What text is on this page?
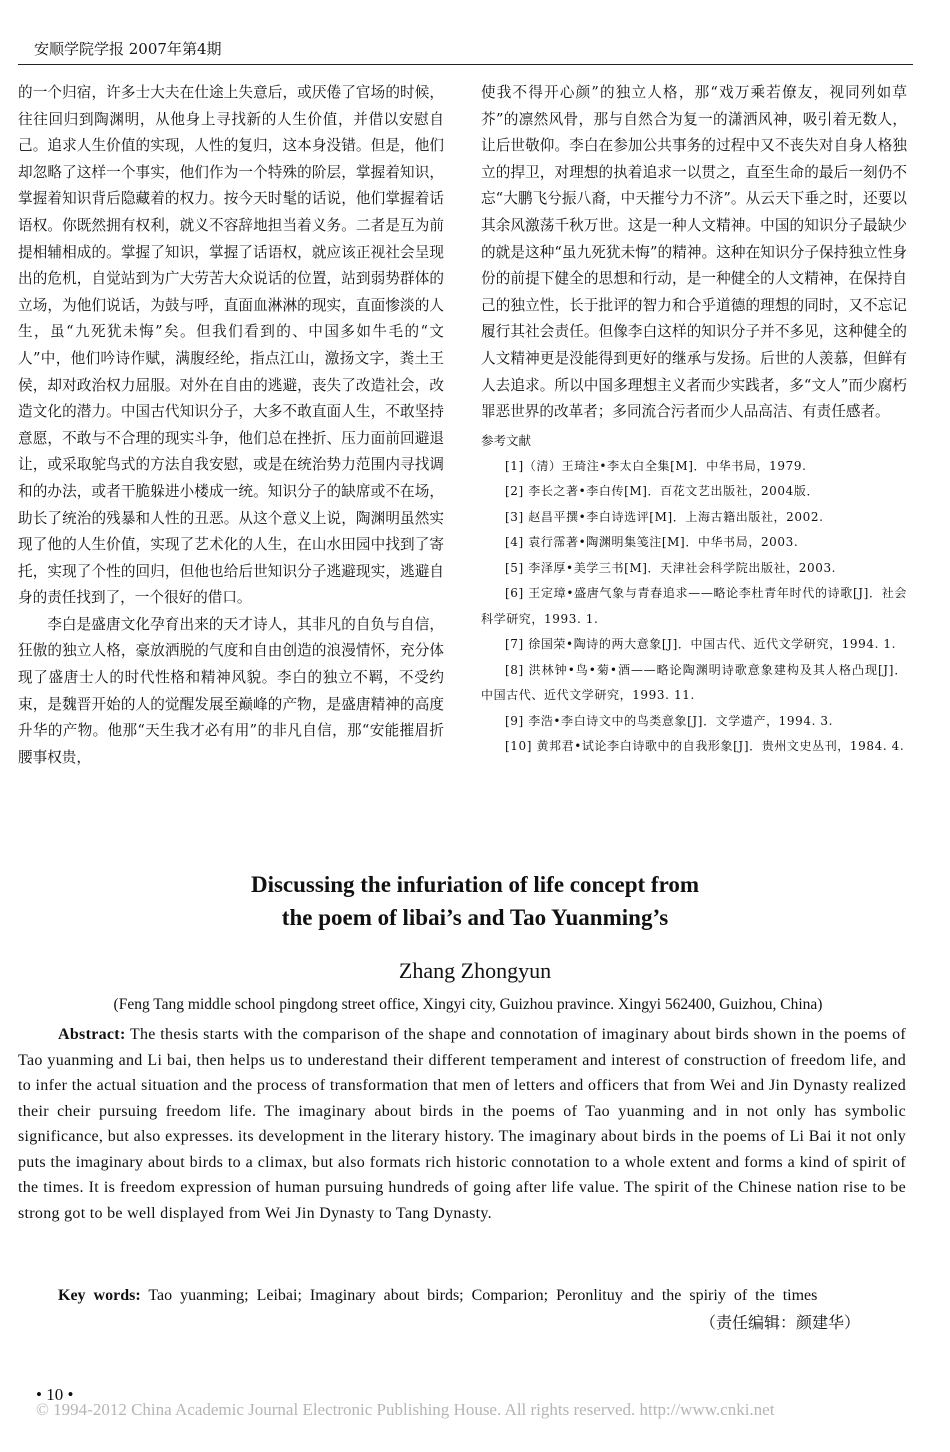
安顺学院学报 2007年第4期

的一个归宿，许多士大夫在仕途上失意后，或厌倦了官场的时候，往往回归到陶渊明，从他身上寻找新的人生价值，并借以安慰自己。追求人生价值的实现，人性的复归，这本身没错。但是，他们却忽略了这样一个事实，他们作为一个特殊的阶层，掌握着知识，掌握着知识背后隐藏着的权力。按今天时髦的话说，他们掌握着话语权。你既然拥有权利，就义不容辞地担当着义务。二者是互为前提相辅相成的。掌握了知识，掌握了话语权，就应该正视社会呈现出的危机，自觉站到为广大劳苦大众说话的位置，站到弱势群体的立场，为他们说话，为鼓与呼，直面血淋淋的现实，直面惨淡的人生，虽“九死犹未悔”矣。但我们看到的、中国多如牛毛的“文人”中，他们吟诗作赋，满腹经纶，指点江山，激扬文字，粪土王侯，却对政治权力屈服。对外在自由的逃避，丧失了改造社会，改造文化的潜力。中国古代知识分子，大多不敢直面人生，不敢坚持意愿，不敢与不合理的现实斗争，他们总在挫折、压力面前回避退让，或采取鸵鸟式的方法自我安慰，或是在统治势力范围内寻找调和的办法，或者干脆躲进小楼成一统。知识分子的缺席或不在场，助长了统治的残暴和人性的丑恶。从这个意义上说，陶渊明虽然实现了他的人生价值，实现了艺术化的人生，在山水田园中找到了寄托，实现了个性的回归，但他也给后世知识分子逃避现实，逃避自身的责任找到了，一个很好的借口。

李白是盛唐文化孕育出来的天才诗人，其非凡的自负与自信，狂傲的独立人格，豪放洒脱的气度和自由创造的浪漫情怀，充分体现了盛唐士人的时代性格和精神风貌。李白的独立不羁，不受约束，是魏晋开始的人的觉醒发展至巅峰的产物，是盛唐精神的高度升华的产物。他那“天生我才必有用”的非凡自信，那“安能摧眉折腰事权贵，

使我不得开心颜”的独立人格，那“戏万乘若僚友，视同列如草芥”的凛然风骨，那与自然合为复一的潇洒风神，吸引着无数人，让后世敬仰。李白在参加公共事务的过程中又不丧失对自身人格独立的捍卫，对理想的执着追求一以贯之，直至生命的最后一刻仍不忘“大鹏飞兮振八裔，中天摧兮力不济”。从云天下垂之时，还要以其余风激荡千秋万世。这是一种人文精神。中国的知识分子最缺少的就是这种“虽九死犹未悔”的精神。这种在知识分子保持独立性身份的前提下健全的思想和行动，是一种健全的人文精神，在保持自己的独立性，长于批评的智力和合乎道德的理想的同时，又不忘记履行其社会责任。但像李白这样的知识分子并不多见，这种健全的人文精神更是没能得到更好的继承与发扬。后世的人羡慕，但鲜有人去追求。所以中国多理想主义者而少实践者，多“文人”而少腐朽罪恶世界的改革者；多同流合污者而少人品高洁、有责任感者。

参考文献
[1]（清）王琦注•李太白全集[M]．中华书局，1979.
[2] 李长之著•李白传[M]．百花文艺出版社，2004版．
[3] 赵昌平撰•李白诗选评[M]．上海古籍出版社，2002.
[4] 袁行霈著•陶渊明集笺注[M]．中华书局，2003.
[5] 李泽厚•美学三书[M]．天津社会科学院出版社，2003.
[6] 王定璋•盛唐气象与青春追求——略论李杜青年时代的诗歌[J]．社会科学研究，1993. 1.
[7] 徐国荣•陶诗的两大意象[J]．中国古代、近代文学研究，1994. 1.
[8] 洪林钟•鸟•菊•酒——略论陶渊明诗歌意象建构及其人格凸现[J]．中国古代、近代文学研究，1993. 11.
[9] 李浩•李白诗文中的鸟类意象[J]．文学遗产，1994. 3.
[10] 黄邦君•试论李白诗歌中的自我形象[J]．贵州文史丛刊，1984. 4.
Discussing the infuriation of life concept from
the poem of libai’s and Tao Yuanming’s
Zhang Zhongyun
(Feng Tang middle school pingdong street office, Xingyi city, Guizhou pravince. Xingyi 562400, Guizhou, China)
Abstract: The thesis starts with the comparison of the shape and connotation of imaginary about birds shown in the poems of Tao yuanming and Li bai, then helps us to underestand their different temperament and interest of construction of freedom life, and to infer the actual situation and the process of transformation that men of letters and officers that from Wei and Jin Dynasty realized their cheir pursuing freedom life. The imaginary about birds in the poems of Tao yuanming and in not only has symbolic significance, but also expresses. its development in the literary history. The imaginary about birds in the poems of Li Bai it not only puts the imaginary about birds to a climax, but also formats rich historic connotation to a whole extent and forms a kind of spirit of the times. It is freedom expression of human pursuing hundreds of going after life value. The spirit of the Chinese nation rise to be strong got to be well displayed from Wei Jin Dynasty to Tang Dynasty.
Key words: Tao yuanming; Leibai; Imaginary about birds; Comparion; Peronlituy and the spiriy of the times
（责任编辑：颜建华）
• 10 •
© 1994-2012 China Academic Journal Electronic Publishing House. All rights reserved. http://www.cnki.net
